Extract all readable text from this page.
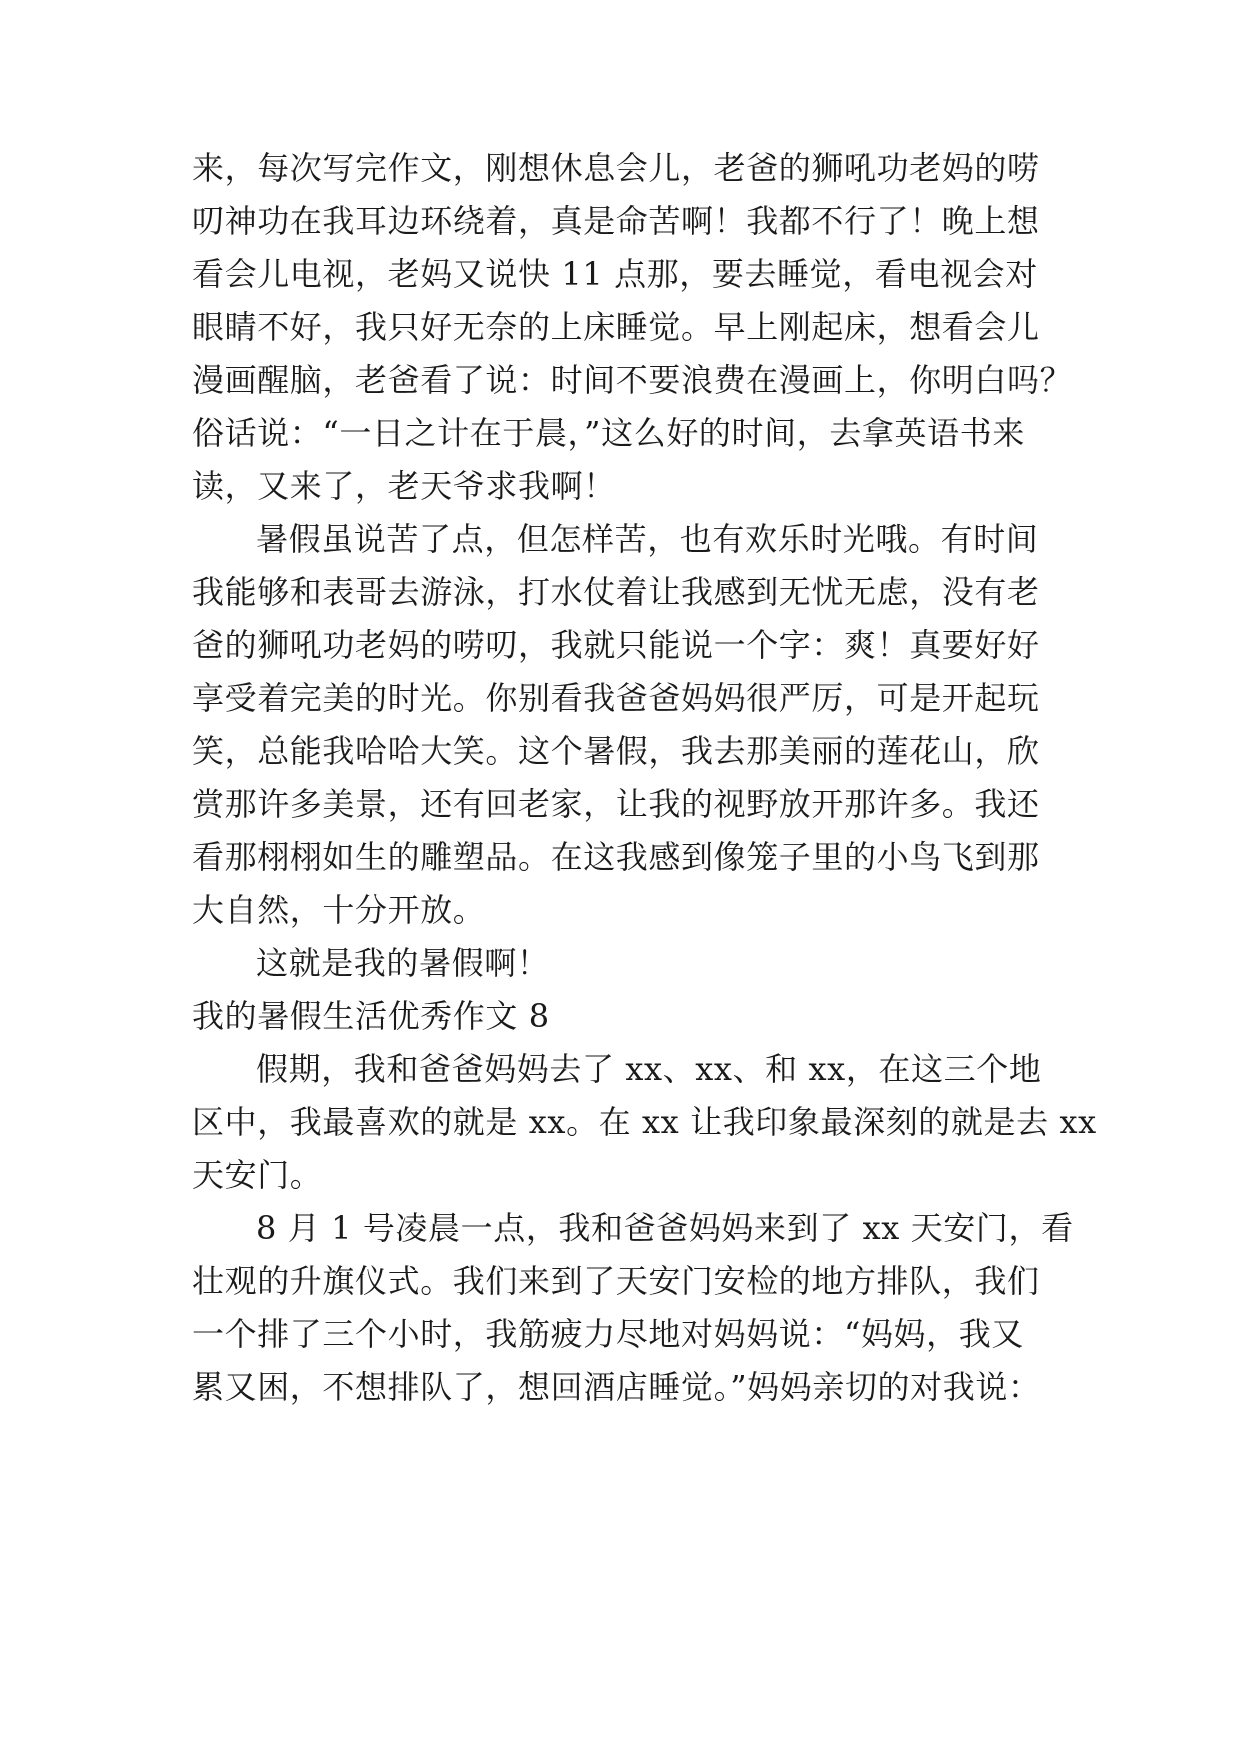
来，每次写完作文，刚想休息会儿，老爸的狮吼功老妈的唠
叨神功在我耳边环绕着，真是命苦啊！我都不行了！晚上想
看会儿电视，老妈又说快 11 点那，要去睡觉，看电视会对
眼睛不好，我只好无奈的上床睡觉。早上刚起床，想看会儿
漫画醒脑，老爸看了说：时间不要浪费在漫画上，你明白吗？
俗话说：“一日之计在于晨，”这么好的时间，去拿英语书来
读，又来了，老天爷求我啊！
暑假虽说苦了点，但怎样苦，也有欢乐时光哦。有时间
我能够和表哥去游泳，打水仗着让我感到无忧无虑，没有老
爸的狮吼功老妈的唠叨，我就只能说一个字：爽！真要好好
享受着完美的时光。你别看我爸爸妈妈很严厉，可是开起玩
笑，总能我哈哈大笑。这个暑假，我去那美丽的莲花山，欣
赏那许多美景，还有回老家，让我的视野放开那许多。我还
看那栩栩如生的雕塑品。在这我感到像笼子里的小鸟飞到那
大自然，十分开放。
这就是我的暑假啊！
我的暑假生活优秀作文 8
假期，我和爸爸妈妈去了 xx、xx、和 xx，在这三个地
区中，我最喜欢的就是 xx。在 xx 让我印象最深刻的就是去 xx
天安门。
8 月 1 号凌晨一点，我和爸爸妈妈来到了 xx 天安门，看
壮观的升旗仪式。我们来到了天安门安检的地方排队，我们
一个排了三个小时，我筋疲力尽地对妈妈说：“妈妈，我又
累又困，不想排队了，想回酒店睡觉。”妈妈亲切的对我说：
